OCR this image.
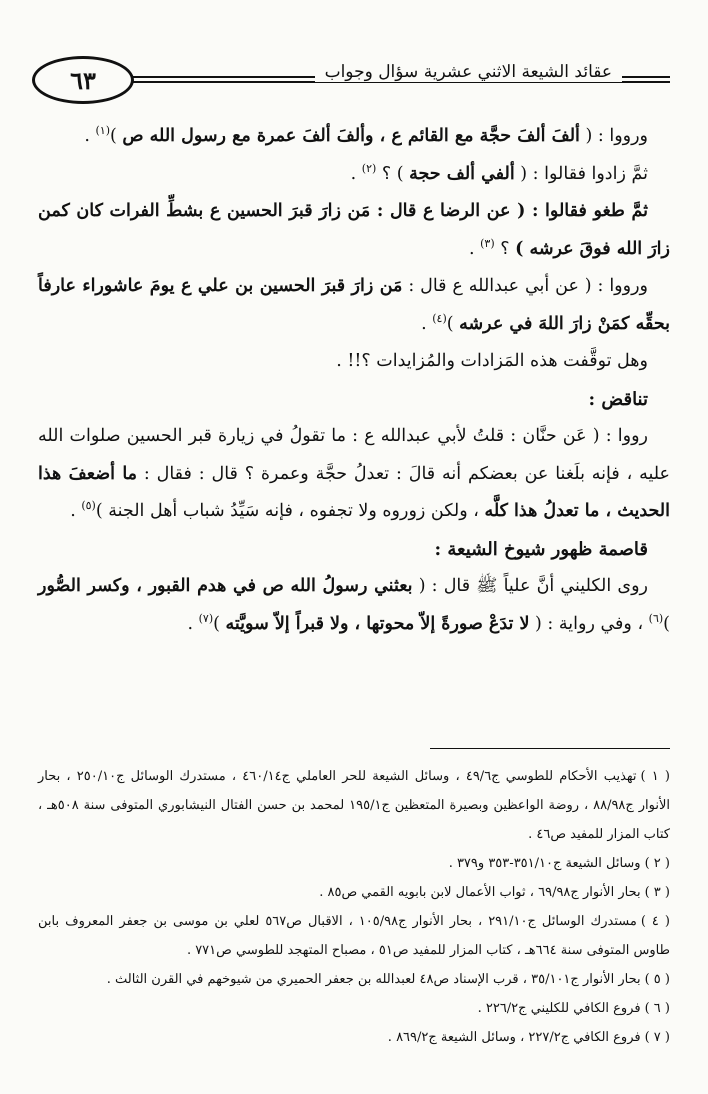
٦٣	عقائد الشيعة الاثني عشرية سؤال وجواب

ورووا : ( ألفَ ألفَ حجَّة مع القائم ع ، وألفَ ألفَ عمرة مع رسول الله ص )$^{(١)}$ .

ثمَّ زادوا فقالوا : ( ألفي ألف حجة ) ؟ $^{(٢)}$ .

ثمَّ طغو فقالوا : ( عن الرضا ع قال : مَن زارَ قبرَ الحسين ع بشطِّ الفرات كان كمن زارَ الله فوقَ عرشه ) ؟ $^{(٣)}$ .

ورووا : ( عن أبي عبدالله ع قال : مَن زارَ قبرَ الحسين بن علي ع يومَ عاشوراء عارفاً بحقِّه كمَنْ زارَ اللهَ في عرشه )$^{(٤)}$ .

وهل توقَّفت هذه المَزادات والمُزايدات ؟!! .

تناقض :

رووا : ( عَن حنَّان : قلتُ لأبي عبدالله ع : ما تقولُ في زيارة قبر الحسين صلوات الله عليه ، فإنه بلَغنا عن بعضكم أنه قالَ : تعدلُ حجَّة وعمرة ؟ قال : فقال : ما أضعفَ هذا الحديث ، ما تعدلُ هذا كلَّه ، ولكن زوروه ولا تجفوه ، فإنه سَيِّدُ شباب أهل الجنة )$^{(٥)}$ .

قاصمة ظهور شيوخ الشيعة :

روى الكليني أنَّ علياً ﷺ قال : ( بعثني رسولُ الله ص في هدم القبور ، وكسر الصُّور )$^{(٦)}$ ، وفي رواية : ( لا تدَعْ صورةً إلاّ محوتها ، ولا قبراً إلاّ سويَّته )$^{(٧)}$ .

( ١ )تهذيب الأحكام للطوسي ج٤٩/٦ ، وسائل الشيعة للحر العاملي ج٤٦٠/١٤ ، مستدرك الوسائل ج٢٥٠/١٠ ، بحار الأنوار ج٨٨/٩٨ ، روضة الواعظين وبصيرة المتعظين ج١٩٥/١ لمحمد بن حسن الفتال النيشابوري المتوفى سنة ٥٠٨هـ ، كتاب المزار للمفيد ص٤٦ .

( ٢ )وسائل الشيعة ج٣٥١/١٠-٣٥٣ و٣٧٩ .

( ٣ )بحار الأنوار ج٦٩/٩٨ ، ثواب الأعمال لابن بابويه القمي ص٨٥ .

( ٤ )مستدرك الوسائل ج٢٩١/١٠ ، بحار الأنوار ج١٠٥/٩٨ ، الاقبال ص٥٦٧ لعلي بن موسى بن جعفر المعروف بابن طاوس المتوفى سنة ٦٦٤هـ ، كتاب المزار للمفيد ص٥١ ، مصباح المتهجد للطوسي ص٧٧١ .

( ٥ )بحار الأنوار ج٣٥/١٠١ ، قرب الإسناد ص٤٨ لعبدالله بن جعفر الحميري من شيوخهم في القرن الثالث .

( ٦ )فروع الكافي للكليني ج٢٢٦/٢ .

( ٧ )فروع الكافي ج٢٢٧/٢ ، وسائل الشيعة ج٨٦٩/٢ .
